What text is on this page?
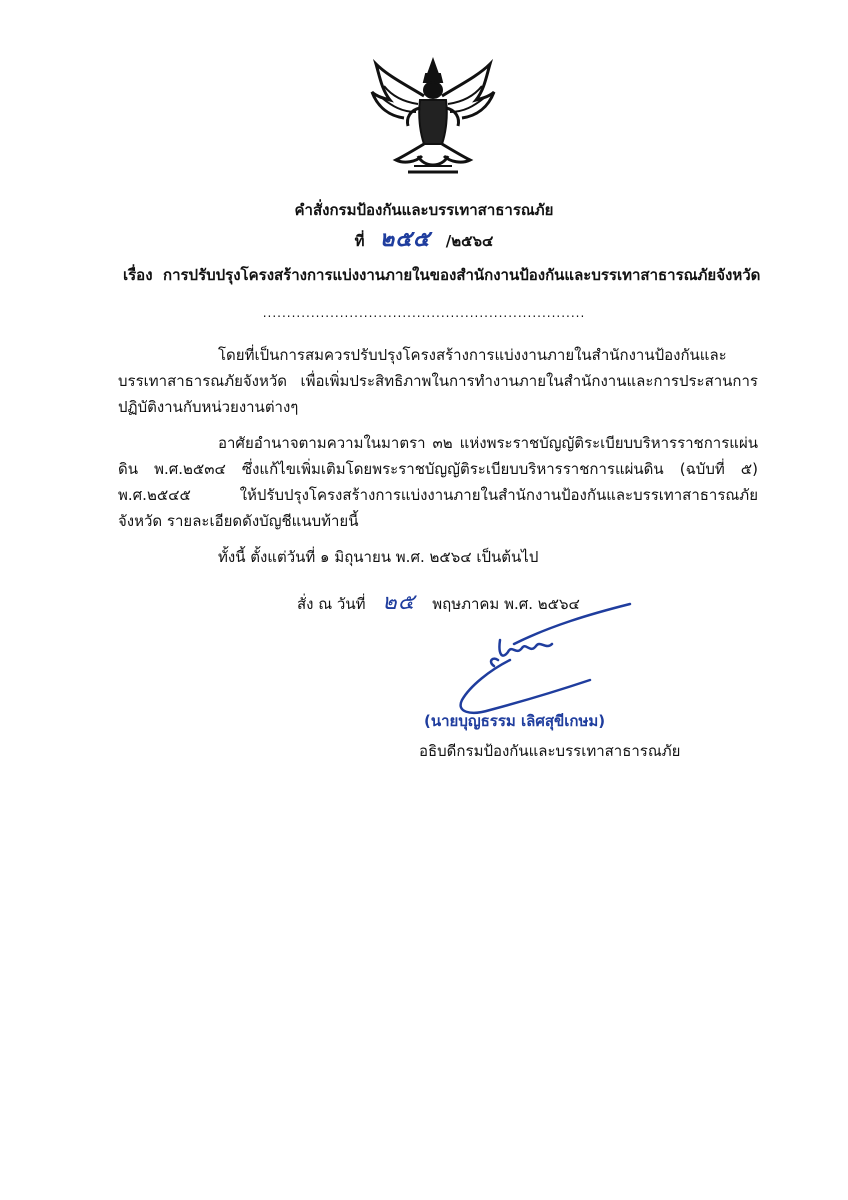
คำสั่งกรมป้องกันและบรรเทาสาธารณภัย
ที่ ๒๕๕ /๒๕๖๔
เรื่อง การปรับปรุงโครงสร้างการแบ่งงานภายในของสำนักงานป้องกันและบรรเทาสาธารณภัยจังหวัด
...................................................................

โดยที่เป็นการสมควรปรับปรุงโครงสร้างการแบ่งงานภายในสำนักงานป้องกันและบรรเทาสาธารณภัยจังหวัด เพื่อเพิ่มประสิทธิภาพในการทำงานภายในสำนักงานและการประสานการปฏิบัติงานกับหน่วยงานต่างๆ

อาศัยอำนาจตามความในมาตรา ๓๒ แห่งพระราชบัญญัติระเบียบบริหารราชการแผ่นดิน พ.ศ.๒๕๓๔ ซึ่งแก้ไขเพิ่มเติมโดยพระราชบัญญัติระเบียบบริหารราชการแผ่นดิน (ฉบับที่ ๕) พ.ศ.๒๕๔๕ ให้ปรับปรุงโครงสร้างการแบ่งงานภายในสำนักงานป้องกันและบรรเทาสาธารณภัยจังหวัด รายละเอียดดังบัญชีแนบท้ายนี้

ทั้งนี้ ตั้งแต่วันที่ ๑ มิถุนายน พ.ศ. ๒๕๖๔ เป็นต้นไป

สั่ง ณ วันที่ ๒๕ พฤษภาคม พ.ศ. ๒๕๖๔
(นายบุญธรรม เลิศสุขีเกษม)
อธิบดีกรมป้องกันและบรรเทาสาธารณภัย
